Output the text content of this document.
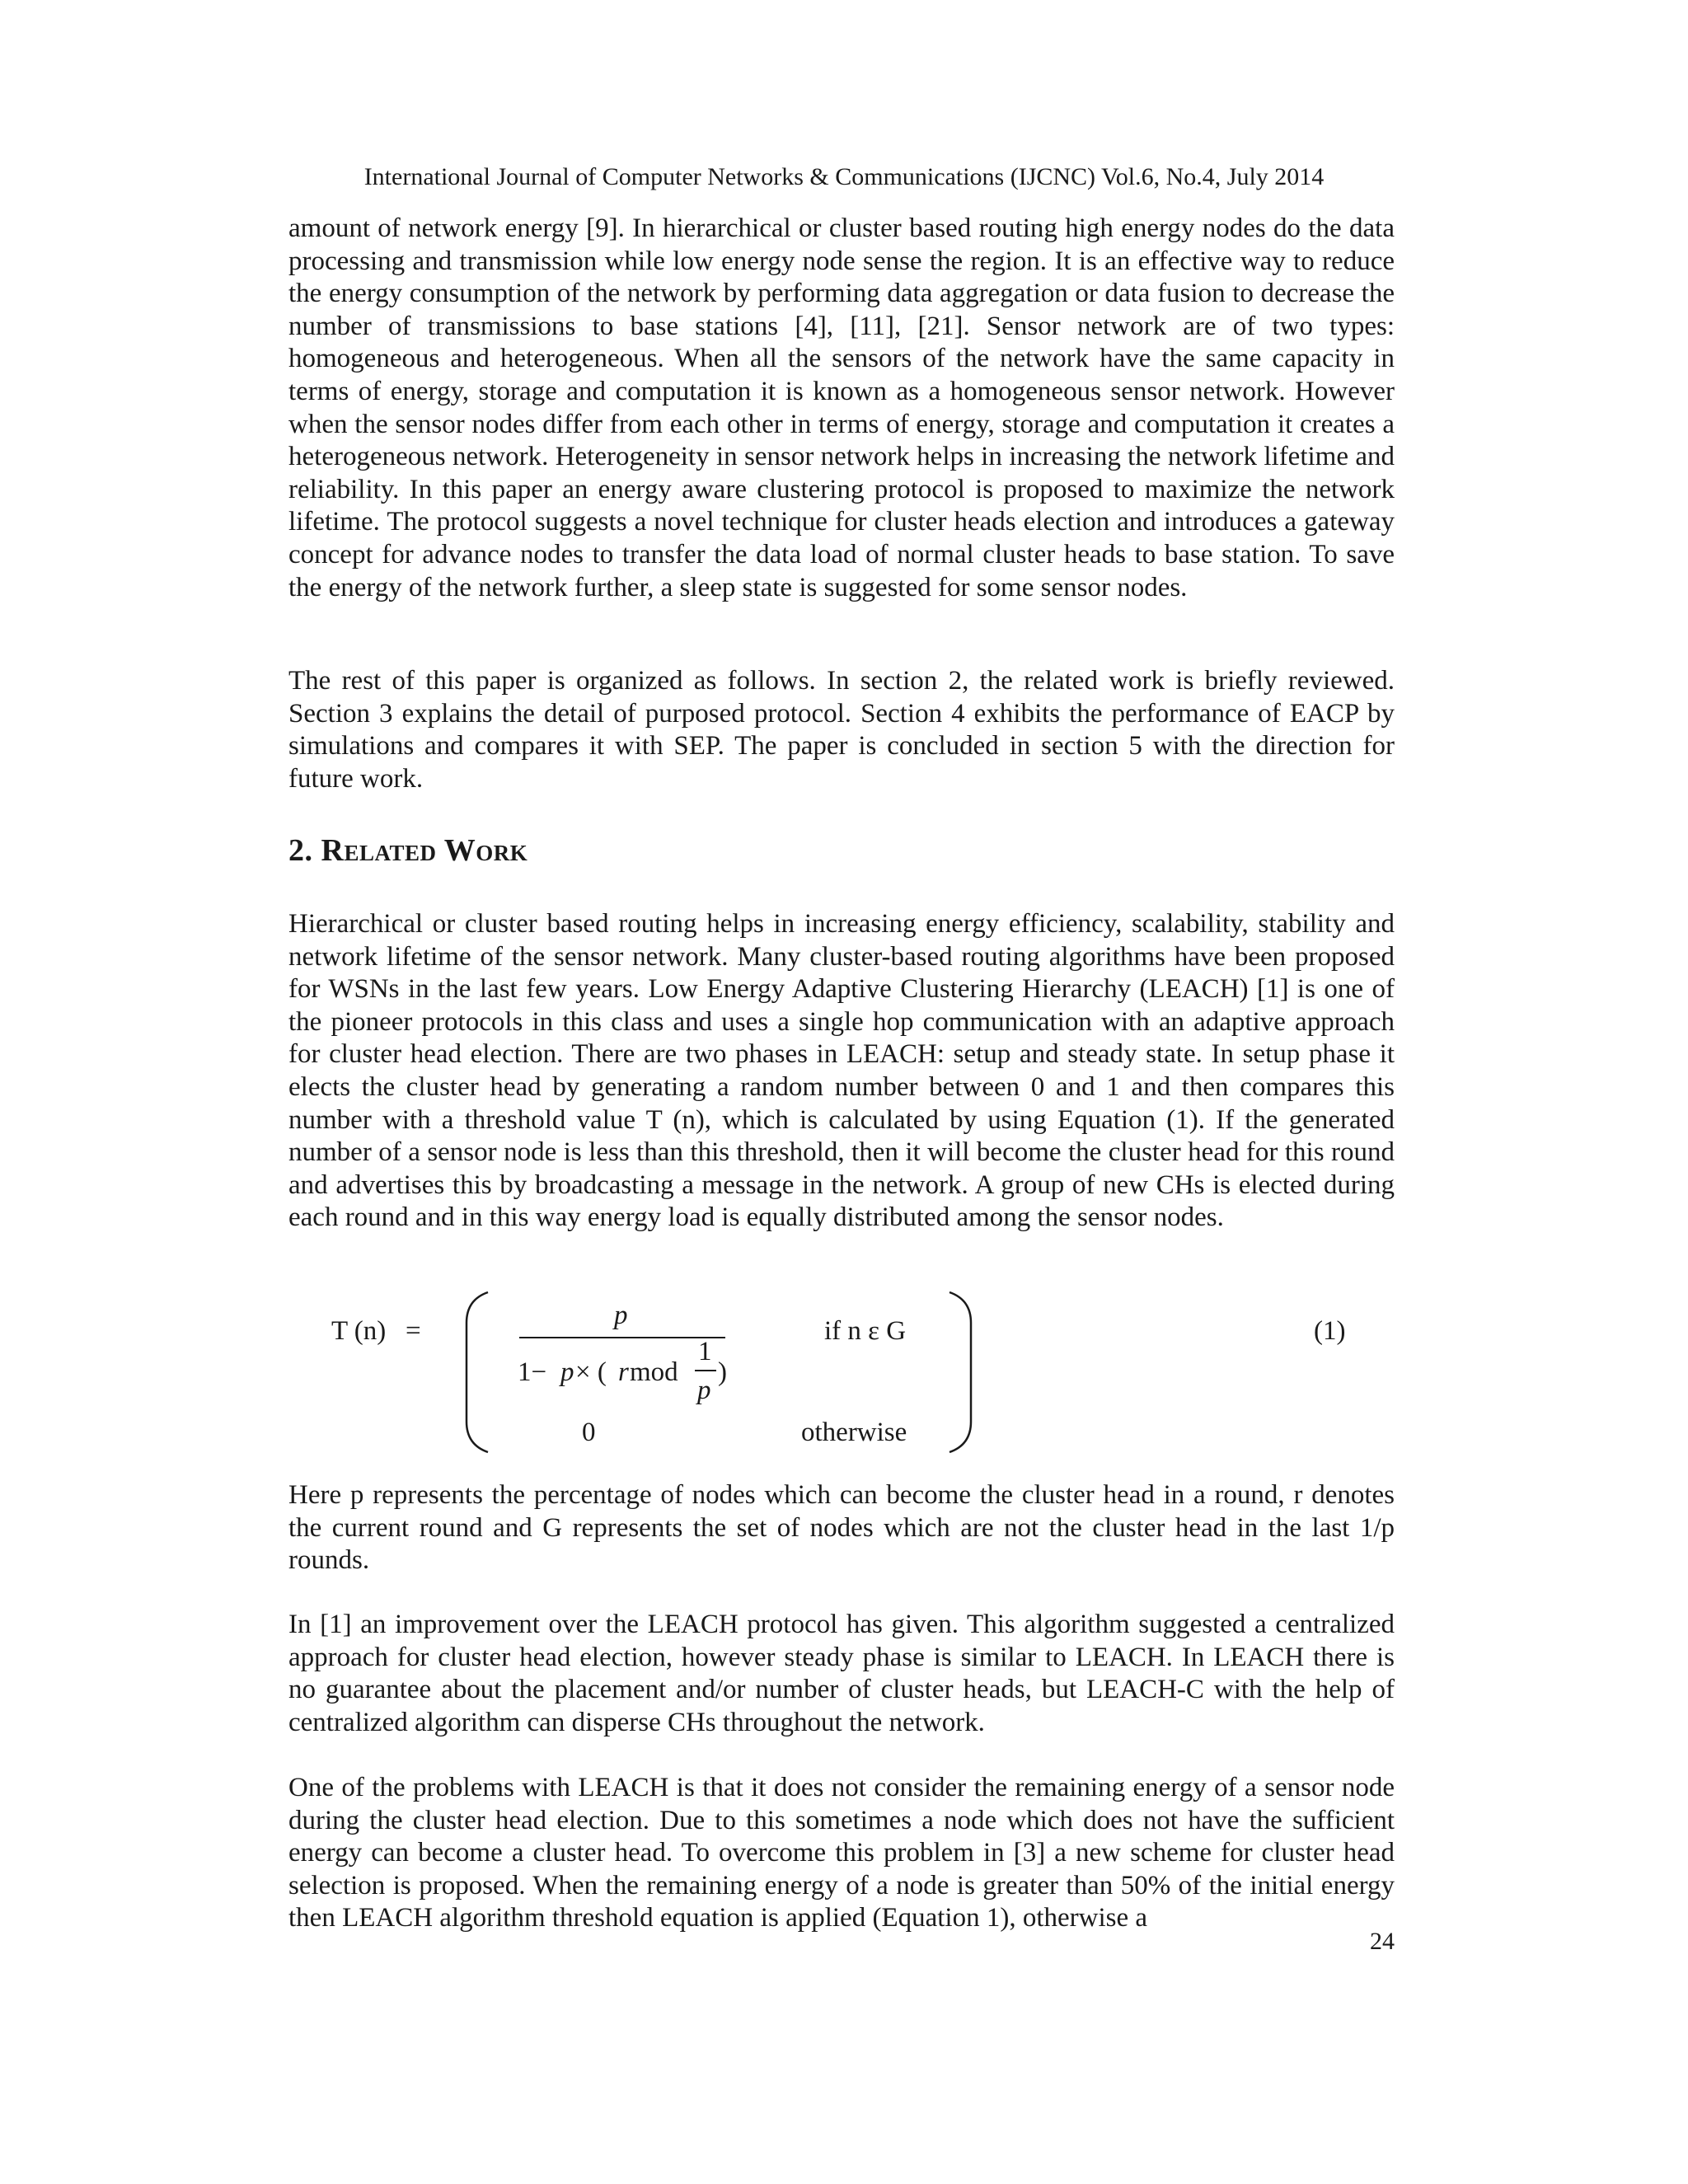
International Journal of Computer Networks & Communications (IJCNC) Vol.6, No.4, July 2014

amount of network energy [9]. In hierarchical or cluster based routing high energy nodes do the data processing and transmission while low energy node sense the region. It is an effective way to reduce the energy consumption of the network by performing data aggregation or data fusion to decrease the number of transmissions to base stations [4], [11], [21]. Sensor network are of two types: homogeneous and heterogeneous. When all the sensors of the network have the same capacity in terms of energy, storage and computation it is known as a homogeneous sensor network. However when the sensor nodes differ from each other in terms of energy, storage and computation it creates a heterogeneous network. Heterogeneity in sensor network helps in increasing the network lifetime and reliability. In this paper an energy aware clustering protocol is proposed to maximize the network lifetime. The protocol suggests a novel technique for cluster heads election and introduces a gateway concept for advance nodes to transfer the data load of normal cluster heads to base station. To save the energy of the network further, a sleep state is suggested for some sensor nodes.

The rest of this paper is organized as follows. In section 2, the related work is briefly reviewed. Section 3 explains the detail of purposed protocol. Section 4 exhibits the performance of EACP by simulations and compares it with SEP. The paper is concluded in section 5 with the direction for future work.

2. Related Work

Hierarchical or cluster based routing helps in increasing energy efficiency, scalability, stability and network lifetime of the sensor network. Many cluster-based routing algorithms have been proposed for WSNs in the last few years. Low Energy Adaptive Clustering Hierarchy (LEACH) [1] is one of the pioneer protocols in this class and uses a single hop communication with an adaptive approach for cluster head election. There are two phases in LEACH: setup and steady state. In setup phase it elects the cluster head by generating a random number between 0 and 1 and then compares this number with a threshold value T (n), which is calculated by using Equation (1). If the generated number of a sensor node is less than this threshold, then it will become the cluster head for this round and advertises this by broadcasting a message in the network. A group of new CHs is elected during each round and in this way energy load is equally distributed among the sensor nodes.

T (n) =
p
1− p × ( r mod
1
p
)
if n ε G
0	otherwise
(1)

Here p represents the percentage of nodes which can become the cluster head in a round, r denotes the current round and G represents the set of nodes which are not the cluster head in the last 1/p rounds.

In [1] an improvement over the LEACH protocol has given. This algorithm suggested a centralized approach for cluster head election, however steady phase is similar to LEACH. In LEACH there is no guarantee about the placement and/or number of cluster heads, but LEACH-C with the help of centralized algorithm can disperse CHs throughout the network.

One of the problems with LEACH is that it does not consider the remaining energy of a sensor node during the cluster head election. Due to this sometimes a node which does not have the sufficient energy can become a cluster head. To overcome this problem in [3] a new scheme for cluster head selection is proposed. When the remaining energy of a node is greater than 50% of the initial energy then LEACH algorithm threshold equation is applied (Equation 1), otherwise a

24
